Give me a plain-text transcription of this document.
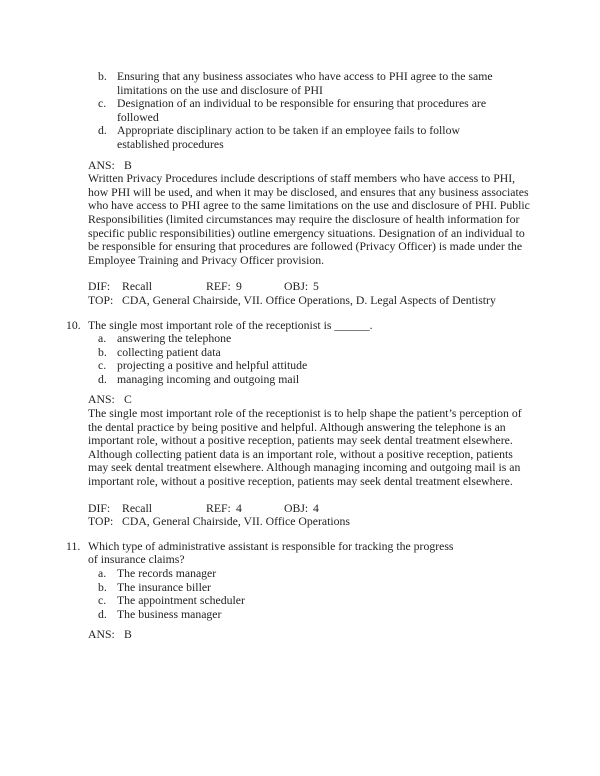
b. Ensuring that any business associates who have access to PHI agree to the same limitations on the use and disclosure of PHI
c. Designation of an individual to be responsible for ensuring that procedures are followed
d. Appropriate disciplinary action to be taken if an employee fails to follow established procedures
ANS: B
Written Privacy Procedures include descriptions of staff members who have access to PHI, how PHI will be used, and when it may be disclosed, and ensures that any business associates who have access to PHI agree to the same limitations on the use and disclosure of PHI. Public Responsibilities (limited circumstances may require the disclosure of health information for specific public responsibilities) outline emergency situations. Designation of an individual to be responsible for ensuring that procedures are followed (Privacy Officer) is made under the Employee Training and Privacy Officer provision.
DIF: Recall	REF: 9	OBJ: 5
TOP: CDA, General Chairside, VII. Office Operations, D. Legal Aspects of Dentistry
10. The single most important role of the receptionist is ______.
a. answering the telephone
b. collecting patient data
c. projecting a positive and helpful attitude
d. managing incoming and outgoing mail
ANS: C
The single most important role of the receptionist is to help shape the patient’s perception of the dental practice by being positive and helpful. Although answering the telephone is an important role, without a positive reception, patients may seek dental treatment elsewhere. Although collecting patient data is an important role, without a positive reception, patients may seek dental treatment elsewhere. Although managing incoming and outgoing mail is an important role, without a positive reception, patients may seek dental treatment elsewhere.
DIF: Recall	REF: 4	OBJ: 4
TOP: CDA, General Chairside, VII. Office Operations
11. Which type of administrative assistant is responsible for tracking the progress of insurance claims?
a. The records manager
b. The insurance biller
c. The appointment scheduler
d. The business manager
ANS: B
